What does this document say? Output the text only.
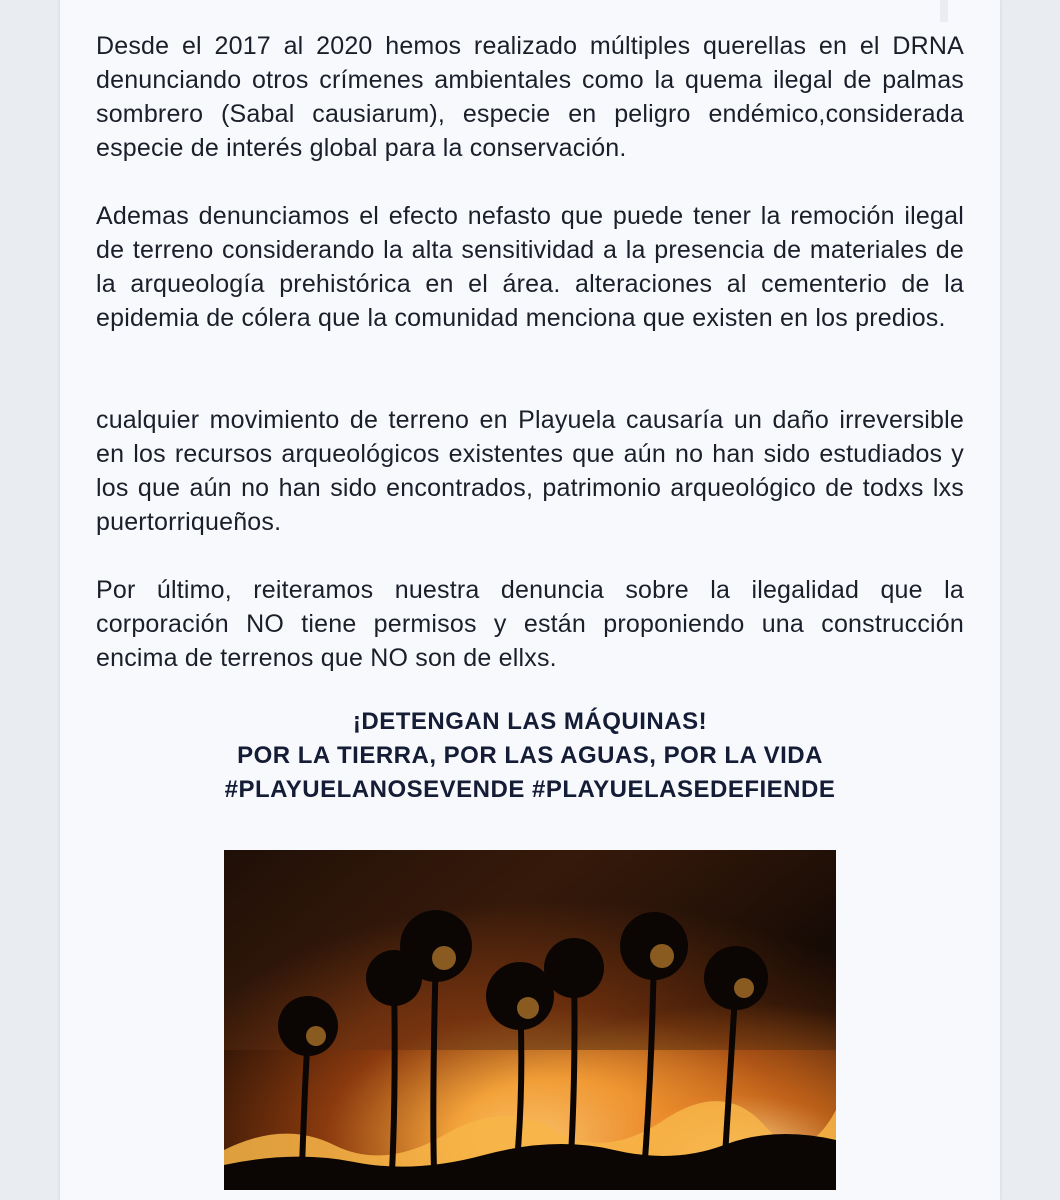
Desde el 2017 al 2020 hemos realizado múltiples querellas en el DRNA denunciando otros crímenes ambientales como la quema ilegal de palmas sombrero (Sabal causiarum), especie en peligro endémico,considerada especie de interés global para la conservación.
Ademas denunciamos el efecto nefasto que puede tener la remoción ilegal de terreno considerando la alta sensitividad a la presencia de materiales de la arqueología prehistórica en el área. alteraciones al cementerio de la epidemia de cólera que la comunidad menciona que existen en los predios.
cualquier movimiento de terreno en Playuela causaría un daño irreversible en los recursos arqueológicos existentes que aún no han sido estudiados y los que aún no han sido encontrados, patrimonio arqueológico de todxs lxs puertorriqueños.
Por último, reiteramos nuestra denuncia sobre la ilegalidad que la corporación NO tiene permisos y están proponiendo una construcción encima de terrenos que NO son de ellxs.
¡DETENGAN LAS MÁQUINAS!
POR LA TIERRA, POR LAS AGUAS, POR LA VIDA
#PLAYUELANOSEVENDE #PLAYUELASEDEFIENDE
